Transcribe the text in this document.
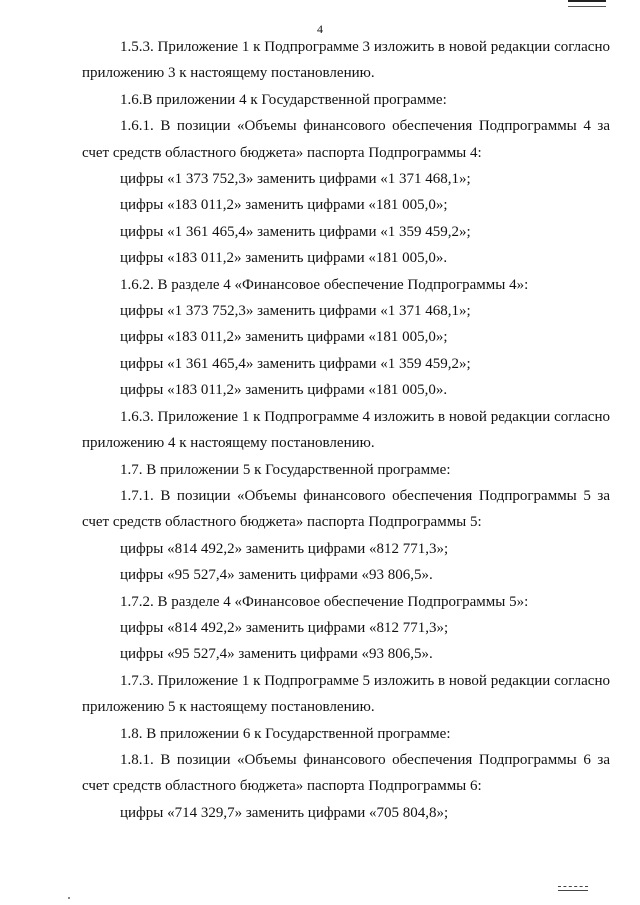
4

1.5.3. Приложение 1 к Подпрограмме 3 изложить в новой редакции согласно приложению 3 к настоящему постановлению.

1.6.В приложении 4 к Государственной программе:

1.6.1. В позиции «Объемы финансового обеспечения Подпрограммы 4 за счет средств областного бюджета» паспорта Подпрограммы 4:

цифры «1 373 752,3» заменить цифрами «1 371 468,1»;

цифры «183 011,2» заменить цифрами «181 005,0»;

цифры «1 361 465,4» заменить цифрами «1 359 459,2»;

цифры «183 011,2» заменить цифрами «181 005,0».

1.6.2. В разделе 4 «Финансовое обеспечение Подпрограммы 4»:

цифры «1 373 752,3» заменить цифрами «1 371 468,1»;

цифры «183 011,2» заменить цифрами «181 005,0»;

цифры «1 361 465,4» заменить цифрами «1 359 459,2»;

цифры «183 011,2» заменить цифрами «181 005,0».

1.6.3. Приложение 1 к Подпрограмме 4 изложить в новой редакции согласно приложению 4 к настоящему постановлению.

1.7. В приложении 5 к Государственной программе:

1.7.1. В позиции «Объемы финансового обеспечения Подпрограммы 5 за счет средств областного бюджета» паспорта Подпрограммы 5:

цифры «814 492,2» заменить цифрами «812 771,3»;

цифры «95 527,4» заменить цифрами «93 806,5».

1.7.2. В разделе 4 «Финансовое обеспечение Подпрограммы 5»:

цифры «814 492,2» заменить цифрами «812 771,3»;

цифры «95 527,4» заменить цифрами «93 806,5».

1.7.3. Приложение 1 к Подпрограмме 5 изложить в новой редакции согласно приложению 5 к настоящему постановлению.

1.8. В приложении 6 к Государственной программе:

1.8.1. В позиции «Объемы финансового обеспечения Подпрограммы 6 за счет средств областного бюджета» паспорта Подпрограммы 6:

цифры «714 329,7» заменить цифрами «705 804,8»;
